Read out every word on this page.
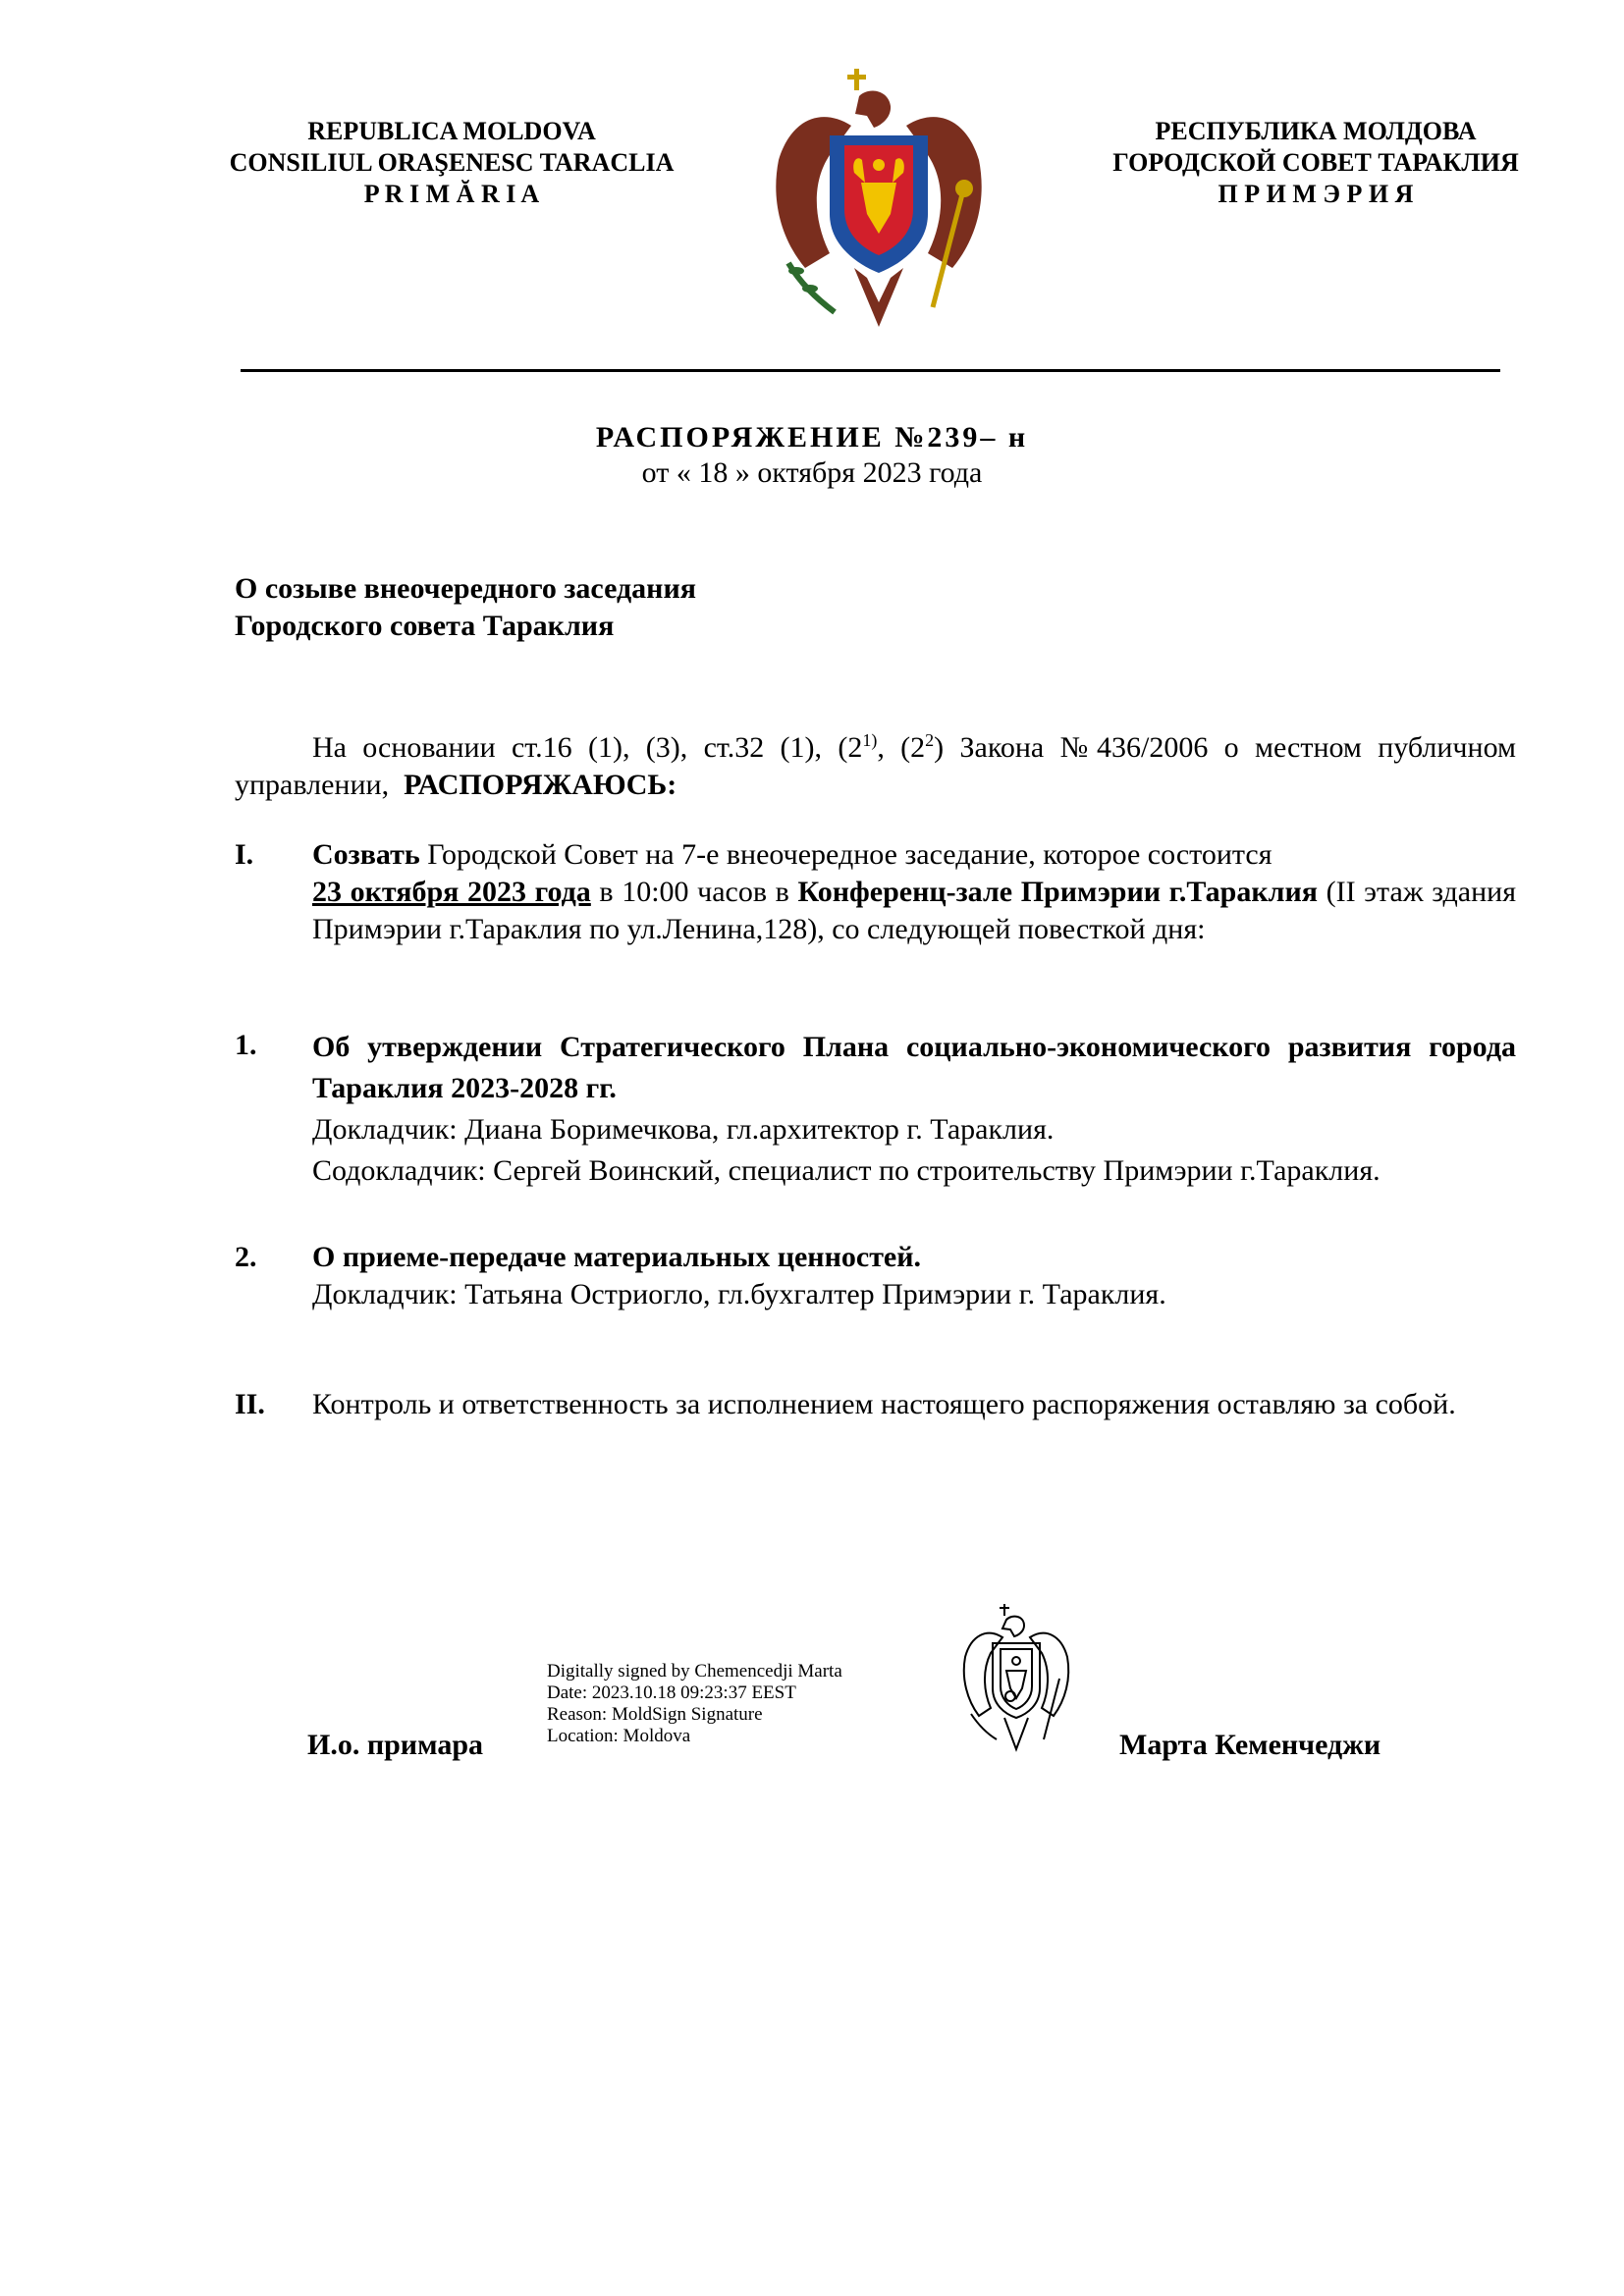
REPUBLICA MOLDOVA
CONSILIUL ORAŞENESC TARACLIA
P R I M Ă R I A
РЕСПУБЛИКА МОЛДОВА
ГОРОДСКОЙ СОВЕТ ТАРАКЛИЯ
П Р И М Э Р И Я
РАСПОРЯЖЕНИЕ №239– н
от « 18 » октября 2023 года
О созыве внеочередного заседания
Городского совета Тараклия
На основании ст.16 (1), (3), ст.32 (1), (2$^{1)}$, $(2^2)$ Закона №436/2006 о местном публичном управлении, РАСПОРЯЖАЮСЬ:
I. Созвать Городской Совет на 7-е внеочередное заседание, которое состоится
23 октября 2023 года в 10:00 часов в Конференц-зале Примэрии г.Тараклия (II этаж здания Примэрии г.Тараклия по ул.Ленина,128), со следующей повесткой дня:
1. Об утверждении Стратегического Плана социально-экономического развития города Тараклия 2023-2028 гг.
Докладчик: Диана Боримечкова, гл.архитектор г. Тараклия.
Содокладчик: Сергей Воинский, специалист по строительству Примэрии г.Тараклия.
2. О приеме-передаче материальных ценностей.
Докладчик: Татьяна Остриогло, гл.бухгалтер Примэрии г. Тараклия.
II. Контроль и ответственность за исполнением настоящего распоряжения оставляю за собой.
И.о. примара
Digitally signed by Chemencedji Marta
Date: 2023.10.18 09:23:37 EEST
Reason: MoldSign Signature
Location: Moldova	Марта Кеменчеджи
